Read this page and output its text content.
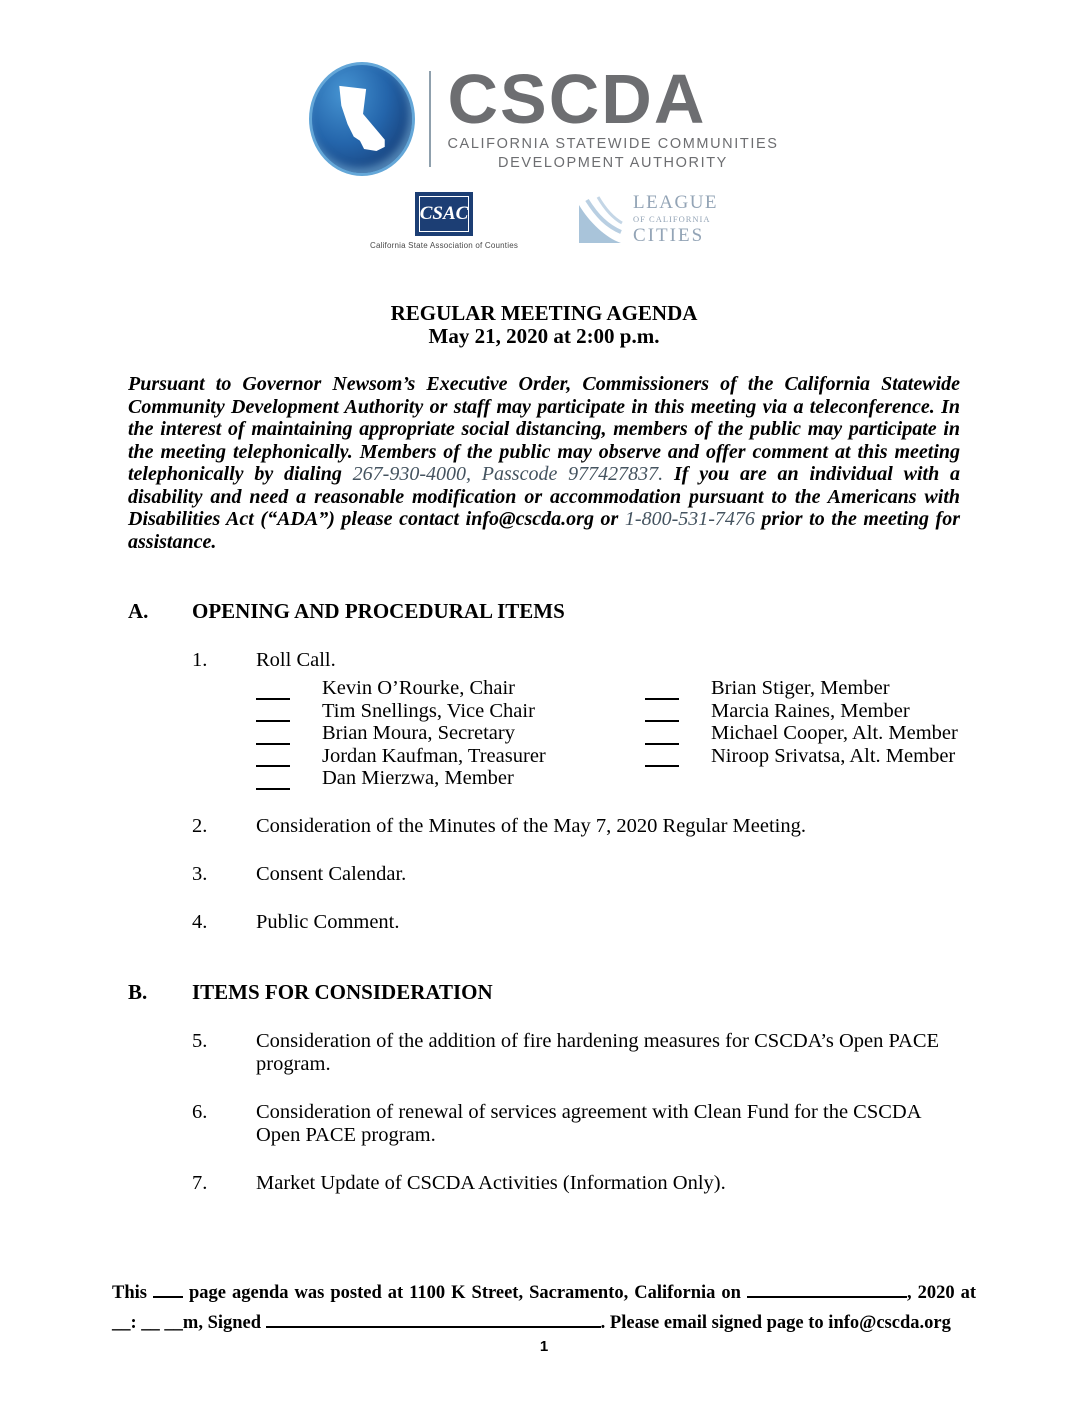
CSCDA
CALIFORNIA STATEWIDE COMMUNITIES
DEVELOPMENT AUTHORITY
CSAC
California State Association of Counties
LEAGUE
OF CALIFORNIA
CITIES
REGULAR MEETING AGENDA
May 21, 2020 at 2:00 p.m.

Pursuant to Governor Newsom’s Executive Order, Commissioners of the California Statewide Community Development Authority or staff may participate in this meeting via a teleconference. In the interest of maintaining appropriate social distancing, members of the public may participate in the meeting telephonically. Members of the public may observe and offer comment at this meeting telephonically by dialing 267-930-4000, Passcode 977427837. If you are an individual with a disability and need a reasonable modification or accommodation pursuant to the Americans with Disabilities Act (“ADA”) please contact info@cscda.org or 1-800-531-7476 prior to the meeting for assistance.

A.	OPENING AND PROCEDURAL ITEMS
1.	Roll Call.
Kevin O’Rourke, Chair	Brian Stiger, Member
Tim Snellings, Vice Chair	Marcia Raines, Member
Brian Moura, Secretary	Michael Cooper, Alt. Member
Jordan Kaufman, Treasurer	Niroop Srivatsa, Alt. Member
Dan Mierzwa, Member
2.	Consideration of the Minutes of the May 7, 2020 Regular Meeting.
3.	Consent Calendar.
4.	Public Comment.
B.	ITEMS FOR CONSIDERATION
5.	Consideration of the addition of fire hardening measures for CSCDA’s Open PACE program.
6.	Consideration of renewal of services agreement with Clean Fund for the CSCDA Open PACE program.
7.	Market Update of CSCDA Activities (Information Only).
This page agenda was posted at 1100 K Street, Sacramento, California on	, 2020 at
__: __ __m, Signed	. Please email signed page to info@cscda.org
1
